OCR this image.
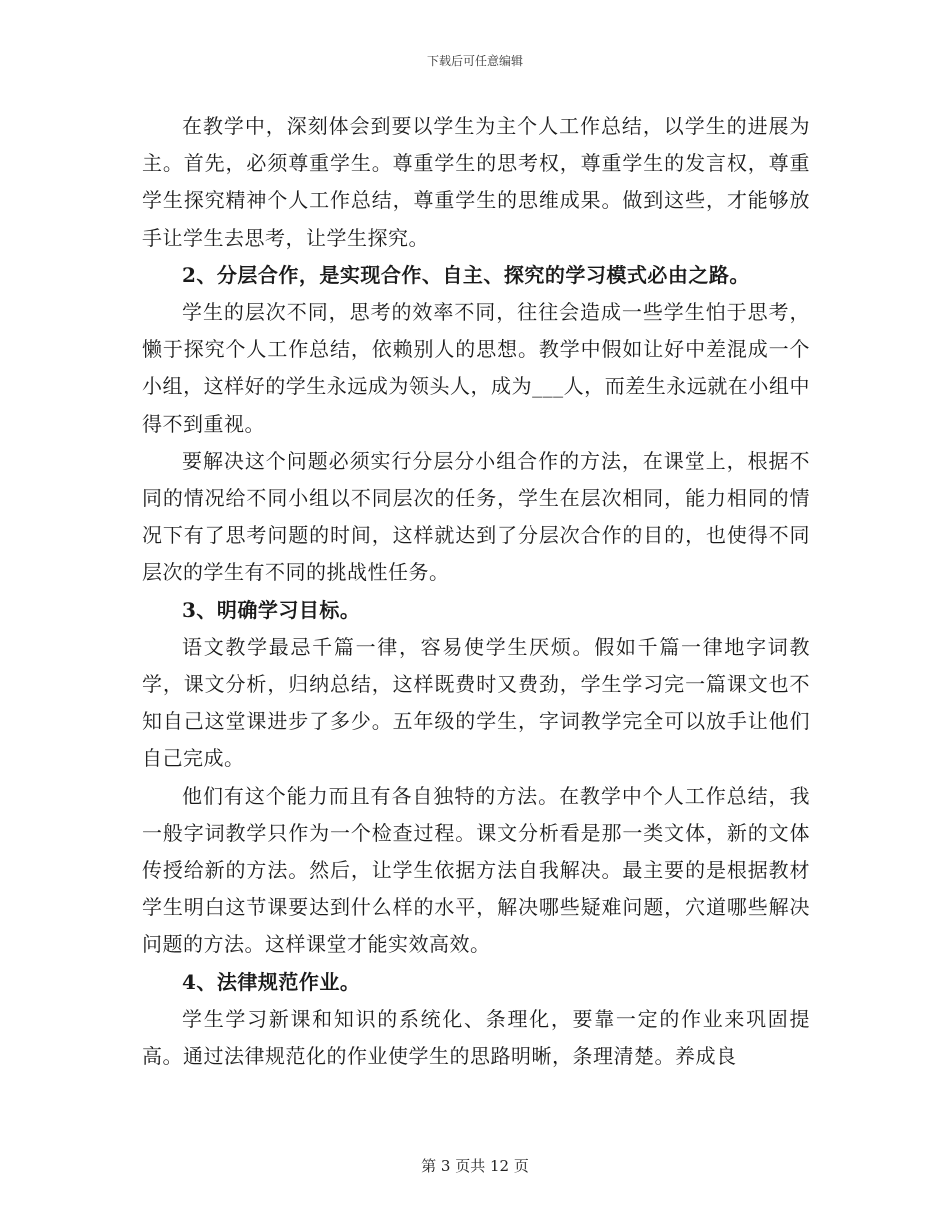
下载后可任意编辑

在教学中，深刻体会到要以学生为主个人工作总结，以学生的进展为主。首先，必须尊重学生。尊重学生的思考权，尊重学生的发言权，尊重学生探究精神个人工作总结，尊重学生的思维成果。做到这些，才能够放手让学生去思考，让学生探究。

2、分层合作，是实现合作、自主、探究的学习模式必由之路。

学生的层次不同，思考的效率不同，往往会造成一些学生怕于思考，懒于探究个人工作总结，依赖别人的思想。教学中假如让好中差混成一个小组，这样好的学生永远成为领头人，成为___人，而差生永远就在小组中得不到重视。

要解决这个问题必须实行分层分小组合作的方法，在课堂上，根据不同的情况给不同小组以不同层次的任务，学生在层次相同，能力相同的情况下有了思考问题的时间，这样就达到了分层次合作的目的，也使得不同层次的学生有不同的挑战性任务。

3、明确学习目标。

语文教学最忌千篇一律，容易使学生厌烦。假如千篇一律地字词教学，课文分析，归纳总结，这样既费时又费劲，学生学习完一篇课文也不知自己这堂课进步了多少。五年级的学生，字词教学完全可以放手让他们自己完成。

他们有这个能力而且有各自独特的方法。在教学中个人工作总结，我一般字词教学只作为一个检查过程。课文分析看是那一类文体，新的文体传授给新的方法。然后，让学生依据方法自我解决。最主要的是根据教材学生明白这节课要达到什么样的水平，解决哪些疑难问题，穴道哪些解决问题的方法。这样课堂才能实效高效。

4、法律规范作业。

学生学习新课和知识的系统化、条理化，要靠一定的作业来巩固提高。通过法律规范化的作业使学生的思路明晰，条理清楚。养成良

第 3 页共 12 页
